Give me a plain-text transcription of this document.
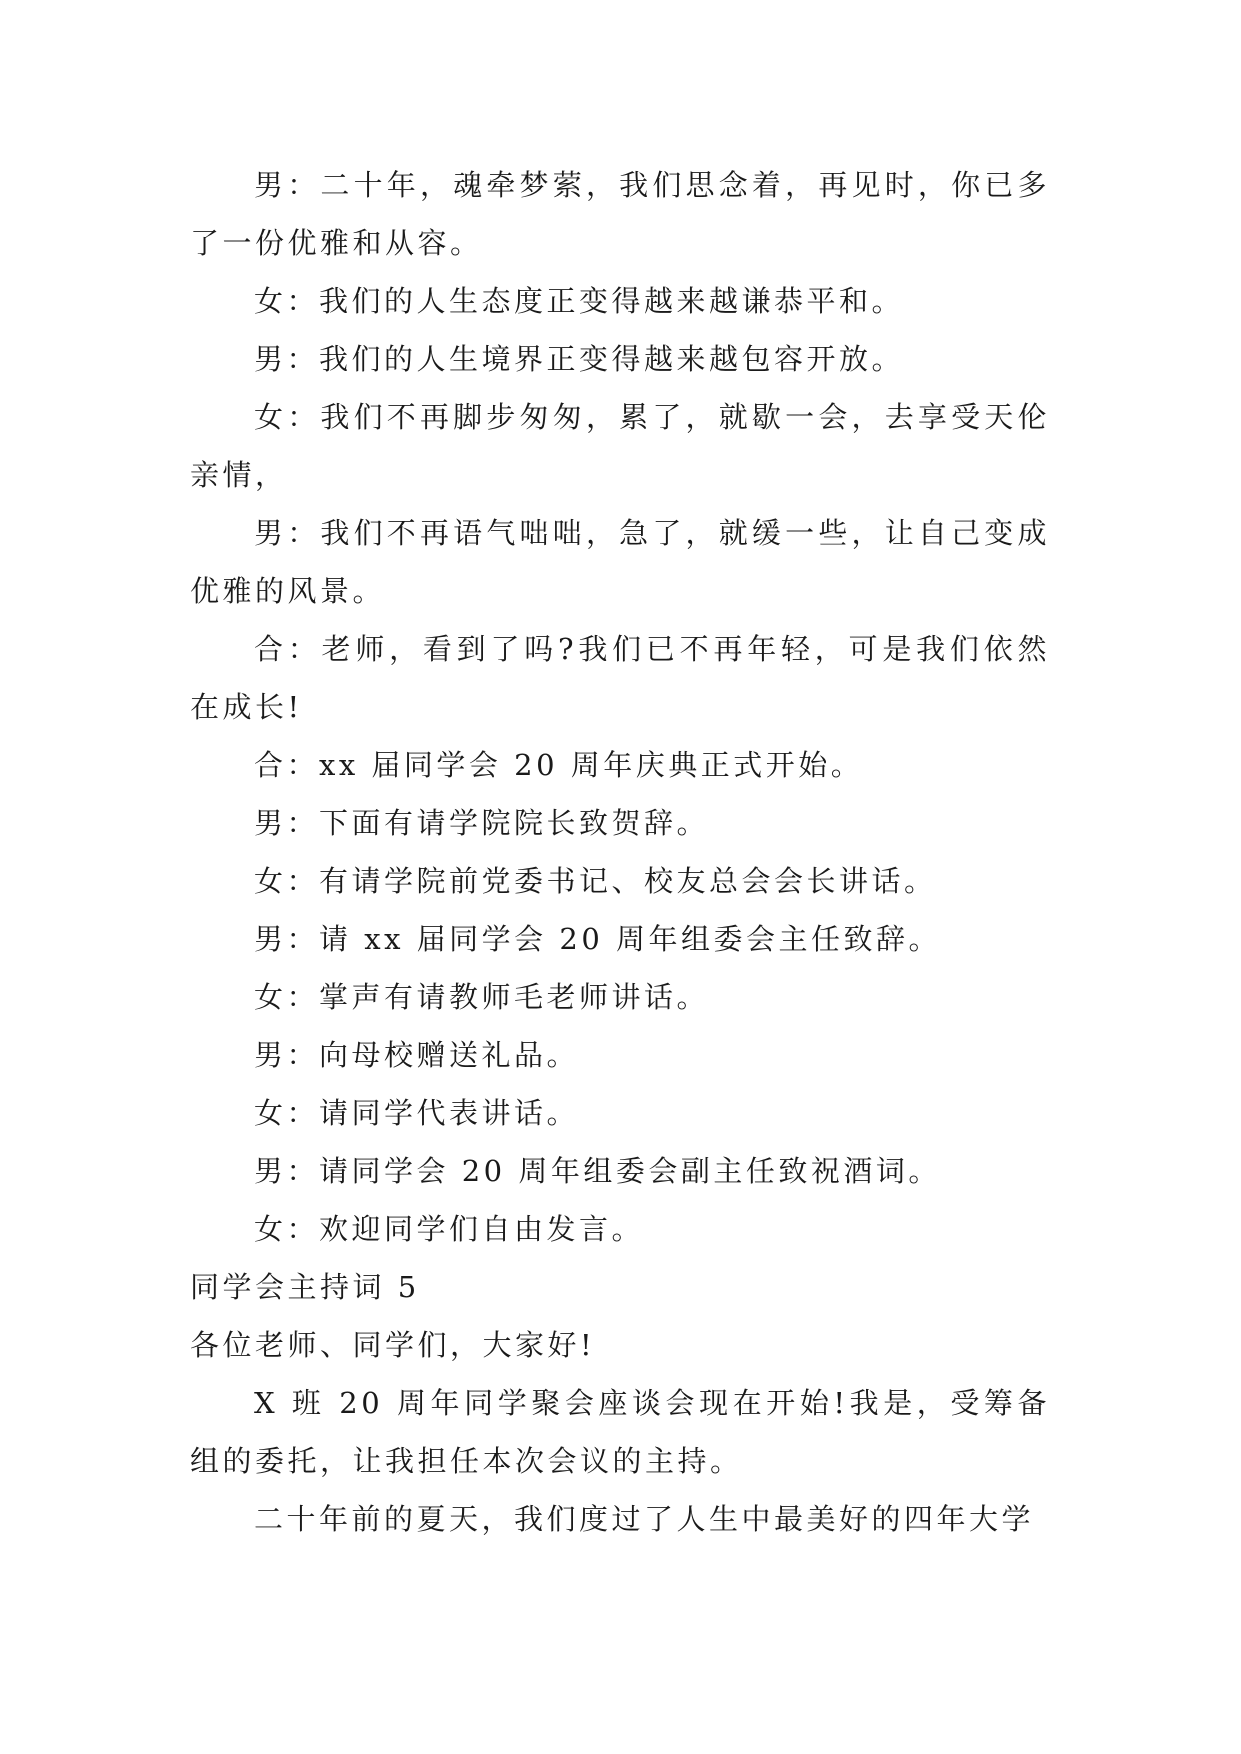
男：二十年，魂牵梦萦，我们思念着，再见时，你已多了一份优雅和从容。

女：我们的人生态度正变得越来越谦恭平和。

男：我们的人生境界正变得越来越包容开放。

女：我们不再脚步匆匆，累了，就歇一会，去享受天伦亲情，

男：我们不再语气咄咄，急了，就缓一些，让自己变成优雅的风景。

合：老师，看到了吗?我们已不再年轻，可是我们依然在成长!

合：xx 届同学会 20 周年庆典正式开始。

男：下面有请学院院长致贺辞。

女：有请学院前党委书记、校友总会会长讲话。

男：请 xx 届同学会 20 周年组委会主任致辞。

女：掌声有请教师毛老师讲话。

男：向母校赠送礼品。

女：请同学代表讲话。

男：请同学会 20 周年组委会副主任致祝酒词。

女：欢迎同学们自由发言。

同学会主持词 5

各位老师、同学们，大家好!

X 班 20 周年同学聚会座谈会现在开始!我是，受筹备组的委托，让我担任本次会议的主持。

二十年前的夏天，我们度过了人生中最美好的四年大学
